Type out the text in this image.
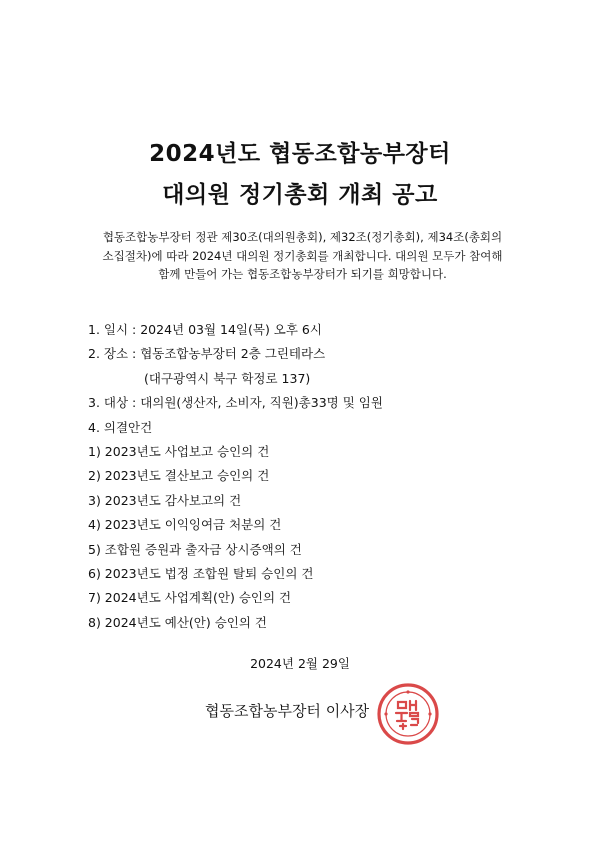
2024년도 협동조합농부장터
대의원 정기총회 개최 공고
협동조합농부장터 정관 제30조(대의원총회), 제32조(정기총회), 제34조(총회의
소집절차)에 따라 2024년 대의원 정기총회를 개최합니다. 대의원 모두가 참여해
함께 만들어 가는 협동조합농부장터가 되기를 희망합니다.
1. 일시 : 2024년 03월 14일(목) 오후 6시
2. 장소 : 협동조합농부장터 2층 그린테라스
(대구광역시 북구 학정로 137)
3. 대상 : 대의원(생산자, 소비자, 직원)총33명 및 임원
4. 의결안건
1) 2023년도 사업보고 승인의 건
2) 2023년도 결산보고 승인의 건
3) 2023년도 감사보고의 건
4) 2023년도 이익잉여금 처분의 건
5) 조합원 증원과 출자금 상시증액의 건
6) 2023년도 법정 조합원 탈퇴 승인의 건
7) 2024년도 사업계획(안) 승인의 건
8) 2024년도 예산(안) 승인의 건
2024년 2월 29일
협동조합농부장터 이사장
